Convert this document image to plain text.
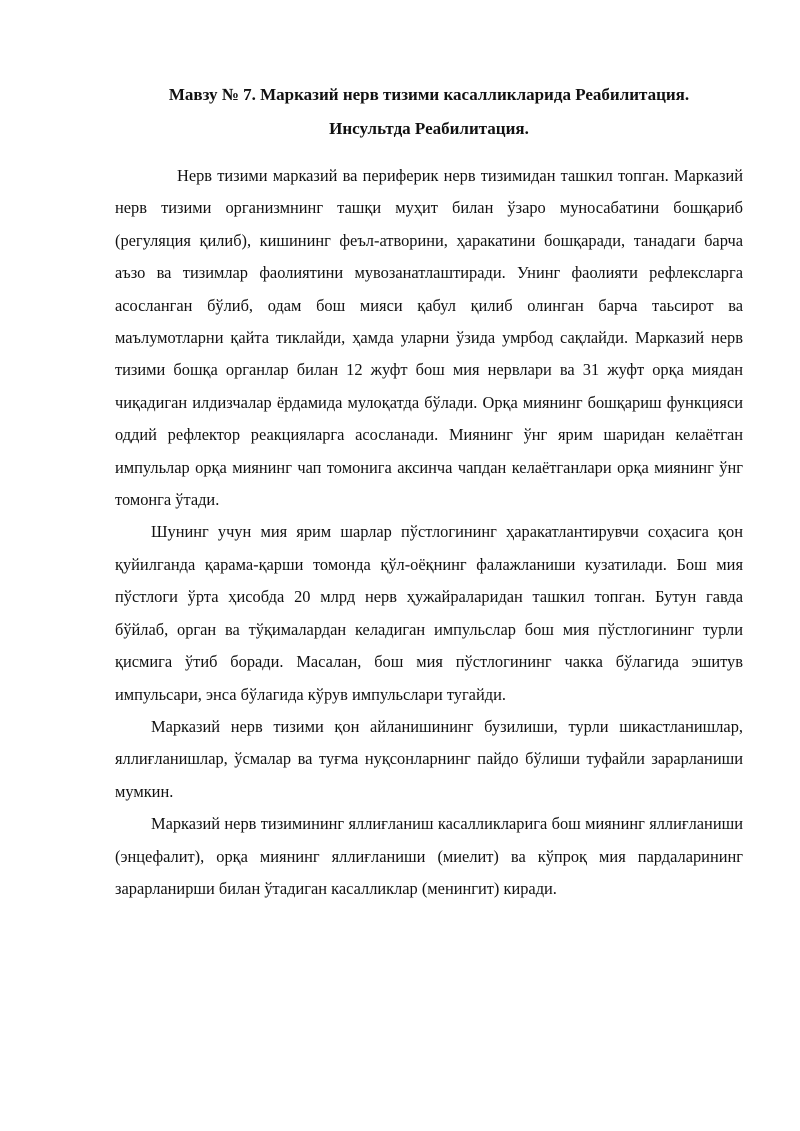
Мавзу № 7. Марказий нерв тизими касалликларида Реабилитация.

Инсультда Реабилитация.

Нерв тизими марказий ва периферик нерв тизимидан ташкил топган. Марказий нерв тизими организмнинг ташқи муҳит билан ўзаро муносабатини бошқариб (регуляция қилиб), кишининг феъл-атворини, ҳаракатини бошқаради, танадаги барча аъзо ва тизимлар фаолиятини мувозанатлаштиради. Унинг фаолияти рефлексларга асосланган бўлиб, одам бош мияси қабул қилиб олинган барча таьсирот ва маълумотларни қайта тиклайди, ҳамда уларни ўзида умрбод сақлайди. Марказий нерв тизими бошқа органлар билан 12 жуфт бош мия нервлари ва 31 жуфт орқа миядан чиқадиган илдизчалар ёрдамида мулоқатда бўлади. Орқа миянинг бошқариш функцияси оддий рефлектор реакцияларга асосланади. Миянинг ўнг ярим шаридан келаётган импульлар орқа миянинг чап томонига аксинча чапдан келаётганлари орқа миянинг ўнг томонга ўтади.

Шунинг учун мия ярим шарлар пўстлогининг ҳаракатлантирувчи соҳасига қон қуйилганда қарама-қарши томонда қўл-оёқнинг фалажланиши кузатилади. Бош мия пўстлоги ўрта ҳисобда 20 млрд нерв ҳужайраларидан ташкил топган. Бутун гавда бўйлаб, орган ва тўқималардан келадиган импульслар бош мия пўстлогининг турли қисмига ўтиб боради. Масалан, бош мия пўстлогининг чакка бўлагида эшитув импульсари, энса бўлагида кўрув импульслари тугайди.

Марказий нерв тизими қон айланишининг бузилиши, турли шикастланишлар, яллиғланишлар, ўсмалар ва туғма нуқсонларнинг пайдо бўлиши туфайли зарарланиши мумкин.

Марказий нерв тизимининг яллиғланиш касалликларига бош миянинг яллиғланиши (энцефалит), орқа миянинг яллиғланиши (миелит) ва кўпроқ мия пардаларининг зарарланирши билан ўтадиган касалликлар (менингит) киради.
